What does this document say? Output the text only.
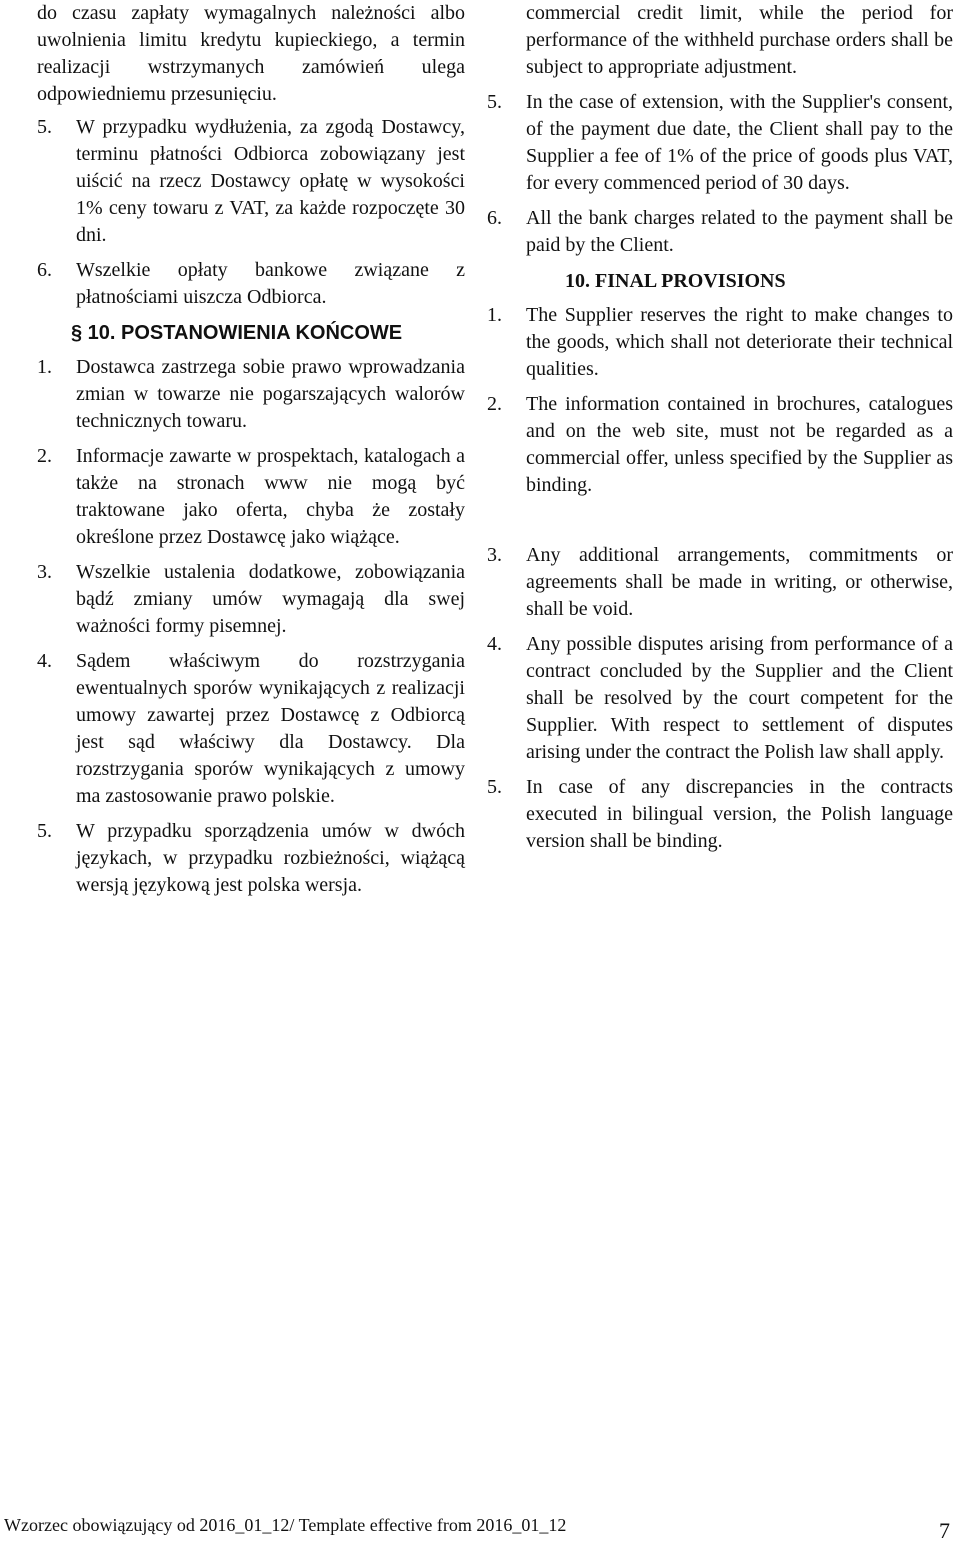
do czasu zapłaty wymagalnych należności albo uwolnienia limitu kredytu kupieckiego, a termin realizacji wstrzymanych zamówień ulega odpowiedniemu przesunięciu.

5.	W przypadku wydłużenia, za zgodą Dostawcy, terminu płatności Odbiorca zobowiązany jest uiścić na rzecz Dostawcy opłatę w wysokości 1% ceny towaru z VAT, za każde rozpoczęte 30 dni.
6.	Wszelkie opłaty bankowe związane z płatnościami uiszcza Odbiorca.
§ 10. POSTANOWIENIA KOŃCOWE
1.	Dostawca zastrzega sobie prawo wprowadzania zmian w towarze nie pogarszających walorów technicznych towaru.
2.	Informacje zawarte w prospektach, katalogach a także na stronach www nie mogą być traktowane jako oferta, chyba że zostały określone przez Dostawcę jako wiążące.
3.	Wszelkie ustalenia dodatkowe, zobowiązania bądź zmiany umów wymagają dla swej ważności formy pisemnej.
4.	Sądem właściwym do rozstrzygania ewentualnych sporów wynikających z realizacji umowy zawartej przez Dostawcę z Odbiorcą jest sąd właściwy dla Dostawcy. Dla rozstrzygania sporów wynikających z umowy ma zastosowanie prawo polskie.
5.	W przypadku sporządzenia umów w dwóch językach, w przypadku rozbieżności, wiążącą wersją językową jest polska wersja.

commercial credit limit, while the period for performance of the withheld purchase orders shall be subject to appropriate adjustment.

5.	In the case of extension, with the Supplier's consent, of the payment due date, the Client shall pay to the Supplier a fee of 1% of the price of goods plus VAT, for every commenced period of 30 days.
6.	All the bank charges related to the payment shall be paid by the Client.
10. FINAL PROVISIONS
1.	The Supplier reserves the right to make changes to the goods, which shall not deteriorate their technical qualities.
2.	The information contained in brochures, catalogues and on the web site, must not be regarded as a commercial offer, unless specified by the Supplier as binding.
3.	Any additional arrangements, commitments or agreements shall be made in writing, or otherwise, shall be void.
4.	Any possible disputes arising from performance of a contract concluded by the Supplier and the Client shall be resolved by the court competent for the Supplier. With respect to settlement of disputes arising under the contract the Polish law shall apply.
5.	In case of any discrepancies in the contracts executed in bilingual version, the Polish language version shall be binding.
Wzorzec obowiązujący od 2016_01_12/ Template effective from 2016_01_12	7
